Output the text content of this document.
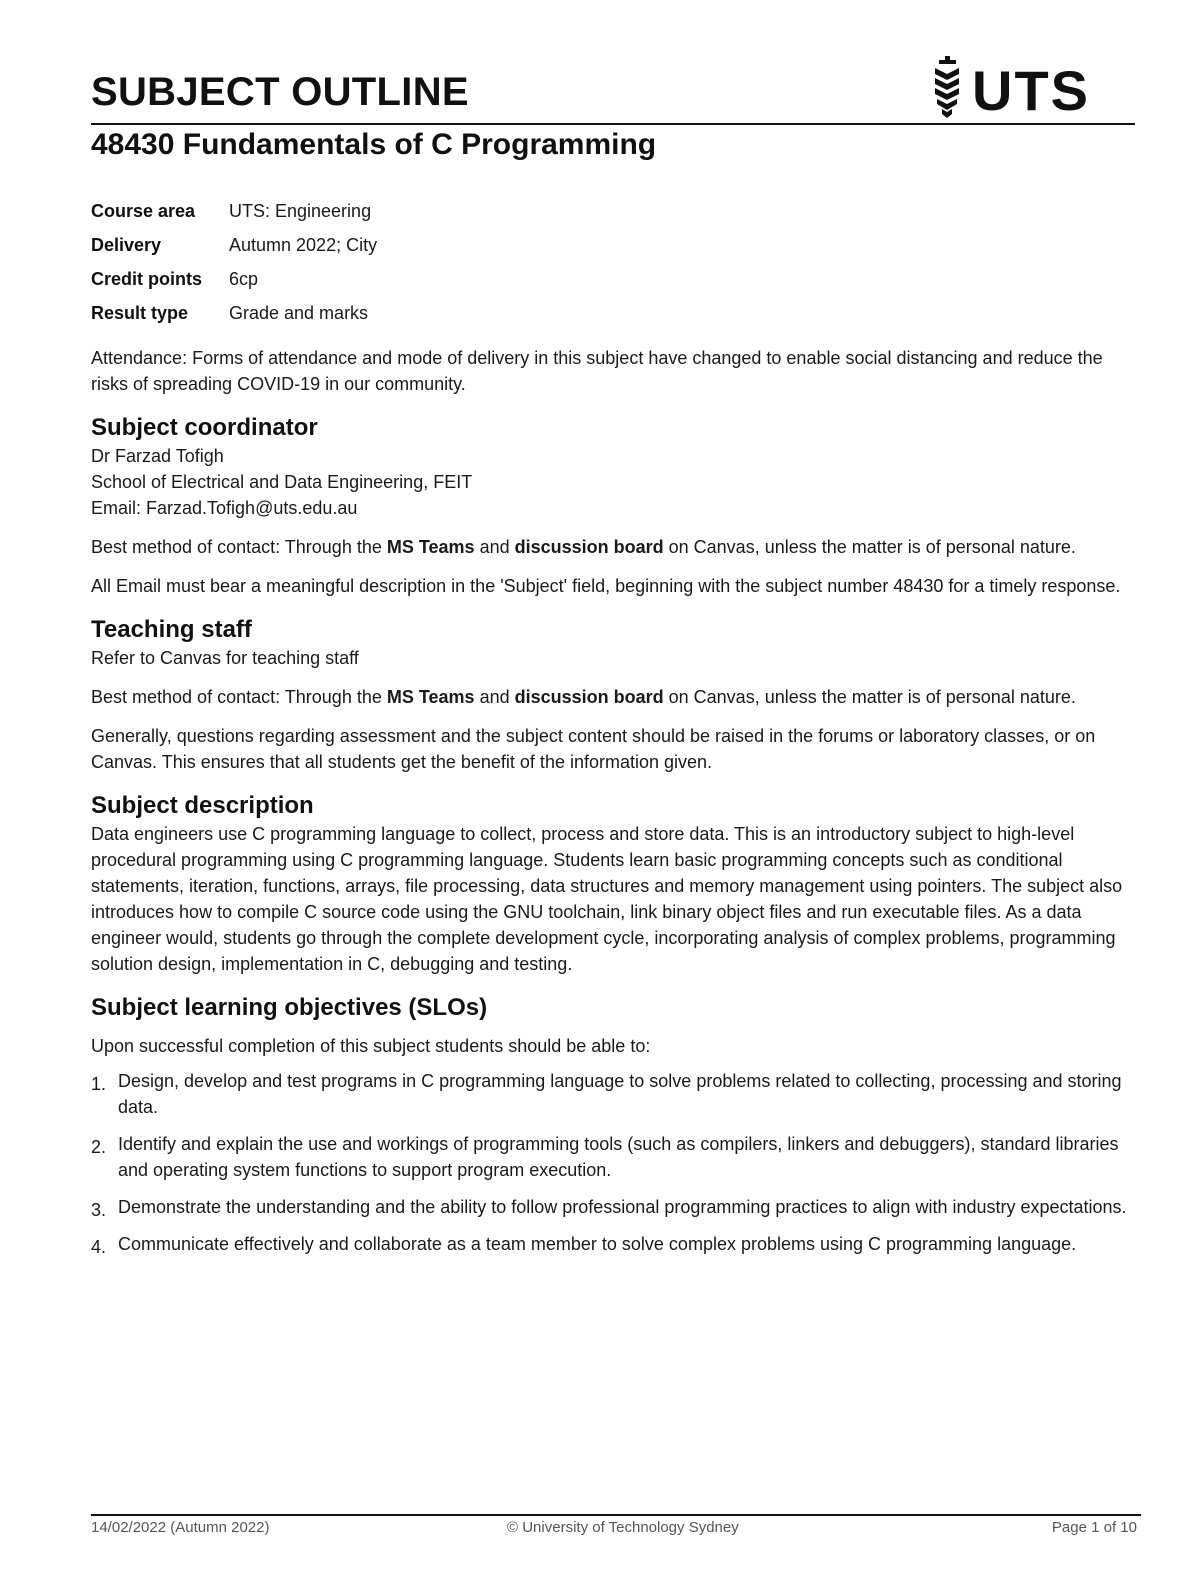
SUBJECT OUTLINE	UTS
48430 Fundamentals of C Programming
Course area	UTS: Engineering
Delivery	Autumn 2022; City
Credit points	6cp
Result type	Grade and marks

Attendance: Forms of attendance and mode of delivery in this subject have changed to enable social distancing and reduce the risks of spreading COVID-19 in our community.

Subject coordinator

Dr Farzad Tofigh

School of Electrical and Data Engineering, FEIT

Email: Farzad.Tofigh@uts.edu.au

Best method of contact: Through the MS Teams and discussion board on Canvas, unless the matter is of personal nature.

All Email must bear a meaningful description in the 'Subject' field, beginning with the subject number 48430 for a timely response.

Teaching staff

Refer to Canvas for teaching staff

Best method of contact: Through the MS Teams and discussion board on Canvas, unless the matter is of personal nature.

Generally, questions regarding assessment and the subject content should be raised in the forums or laboratory classes, or on Canvas. This ensures that all students get the benefit of the information given.

Subject description

Data engineers use C programming language to collect, process and store data. This is an introductory subject to high-level procedural programming using C programming language. Students learn basic programming concepts such as conditional statements, iteration, functions, arrays, file processing, data structures and memory management using pointers. The subject also introduces how to compile C source code using the GNU toolchain, link binary object files and run executable files. As a data engineer would, students go through the complete development cycle, incorporating analysis of complex problems, programming solution design, implementation in C, debugging and testing.

Subject learning objectives (SLOs)

Upon successful completion of this subject students should be able to:

1. Design, develop and test programs in C programming language to solve problems related to collecting, processing and storing data.
2. Identify and explain the use and workings of programming tools (such as compilers, linkers and debuggers), standard libraries and operating system functions to support program execution.
3. Demonstrate the understanding and the ability to follow professional programming practices to align with industry expectations.
4. Communicate effectively and collaborate as a team member to solve complex problems using C programming language.
14/02/2022 (Autumn 2022)	© University of Technology Sydney	Page 1 of 10
